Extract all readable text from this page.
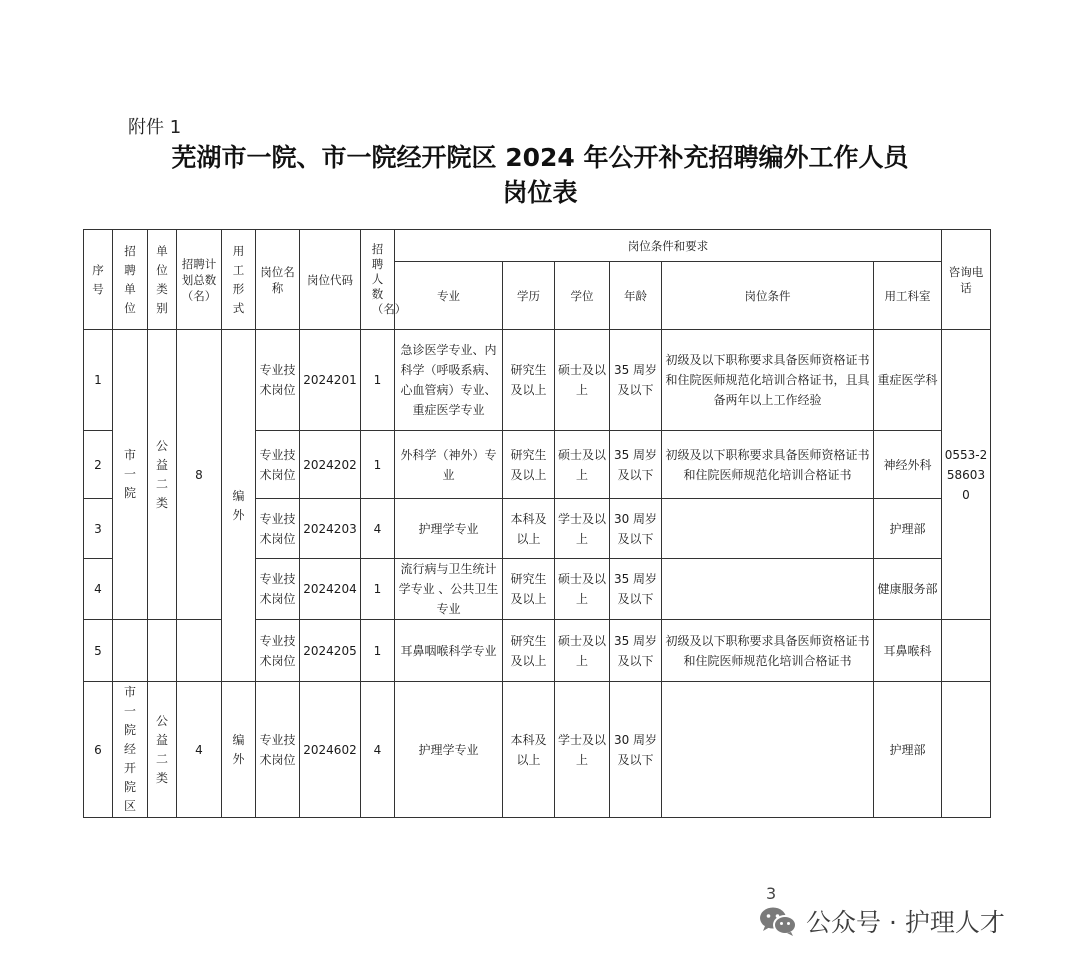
附件 1
芜湖市一院、市一院经开院区 2024 年公开补充招聘编外工作人员
岗位表
序号	招聘单位	单位类别	招聘计划总数（名）	用工形式	岗位名称	岗位代码	招聘人数（名）	岗位条件和要求						咨询电话
								专业	学历	学位	年龄	岗位条件	用工科室	
1	市一院	公益二类	8	编外	专业技术岗位	2024201	1	急诊医学专业、内科学（呼吸系病、心血管病）专业、重症医学专业	研究生及以上	硕士及以上	35 周岁及以下	初级及以下职称要求具备医师资格证书和住院医师规范化培训合格证书，且具备两年以上工作经验	重症医学科	0553-2586030
2					专业技术岗位	2024202	1	外科学（神外）专业	研究生及以上	硕士及以上	35 周岁及以下	初级及以下职称要求具备医师资格证书和住院医师规范化培训合格证书	神经外科	
3					专业技术岗位	2024203	4	护理学专业	本科及以上	学士及以上	30 周岁及以下		护理部	
4					专业技术岗位	2024204	1	流行病与卫生统计学专业 、公共卫生专业	研究生及以上	硕士及以上	35 周岁及以下		健康服务部	
5					专业技术岗位	2024205	1	耳鼻咽喉科学专业	研究生及以上	硕士及以上	35 周岁及以下	初级及以下职称要求具备医师资格证书和住院医师规范化培训合格证书	耳鼻喉科	
6	市一院经开院区	公益二类	4	编外	专业技术岗位	2024602	4	护理学专业	本科及以上	学士及以上	30 周岁及以下		护理部	
3
公众号 · 护理人才
